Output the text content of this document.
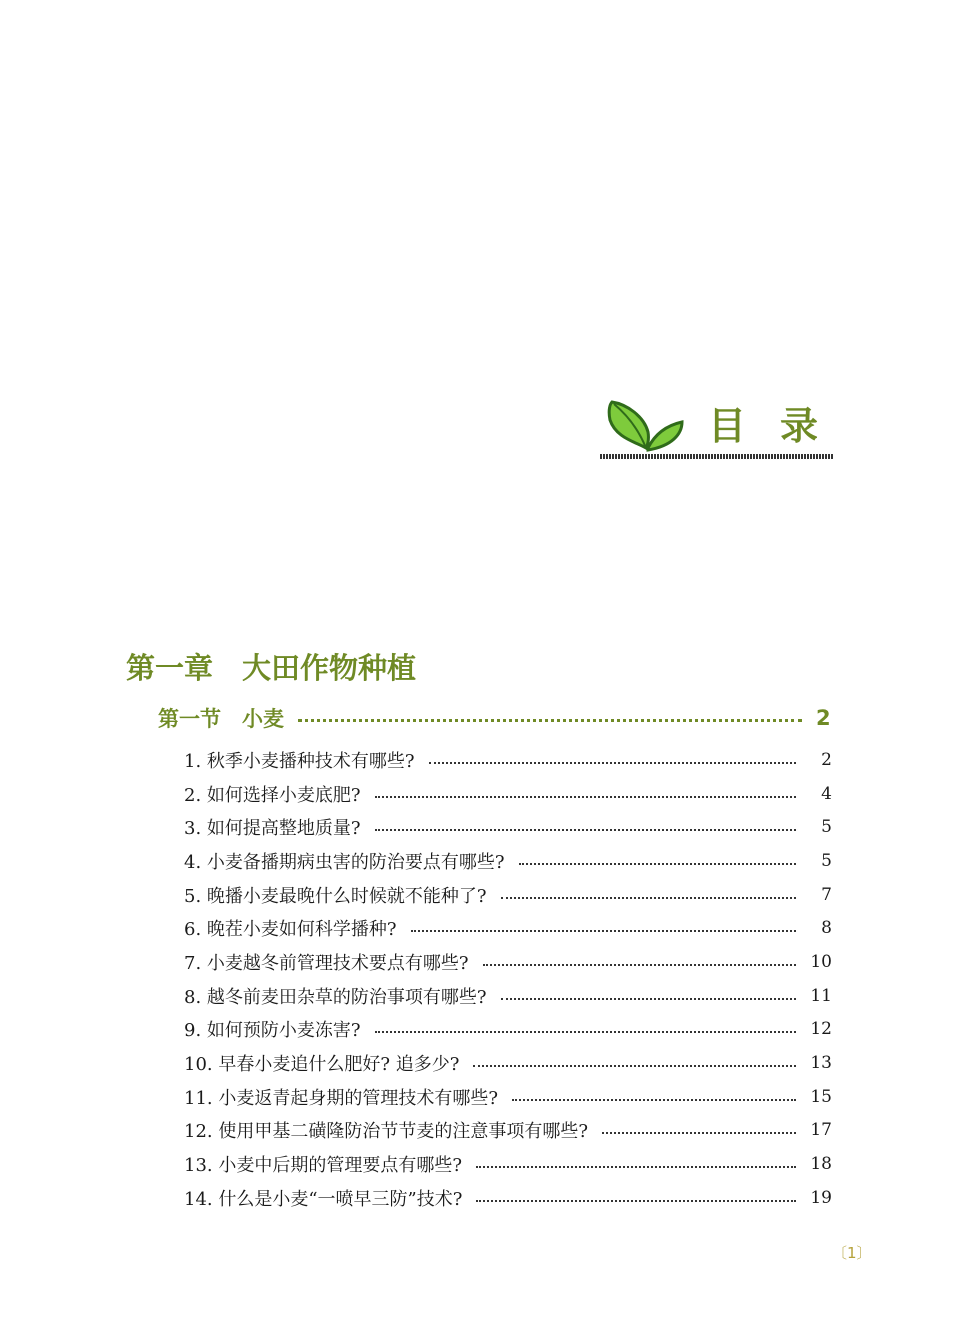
目录
第一章　大田作物种植
第一节　小麦	2
1. 秋季小麦播种技术有哪些?	2
2. 如何选择小麦底肥?	4
3. 如何提高整地质量?	5
4. 小麦备播期病虫害的防治要点有哪些?	5
5. 晚播小麦最晚什么时候就不能种了?	7
6. 晚茬小麦如何科学播种?	8
7. 小麦越冬前管理技术要点有哪些?	10
8. 越冬前麦田杂草的防治事项有哪些?	11
9. 如何预防小麦冻害?	12
10. 早春小麦追什么肥好? 追多少?	13
11. 小麦返青起身期的管理技术有哪些?	15
12. 使用甲基二磺隆防治节节麦的注意事项有哪些?	17
13. 小麦中后期的管理要点有哪些?	18
14. 什么是小麦“一喷早三防”技术?	19
〔1〕
